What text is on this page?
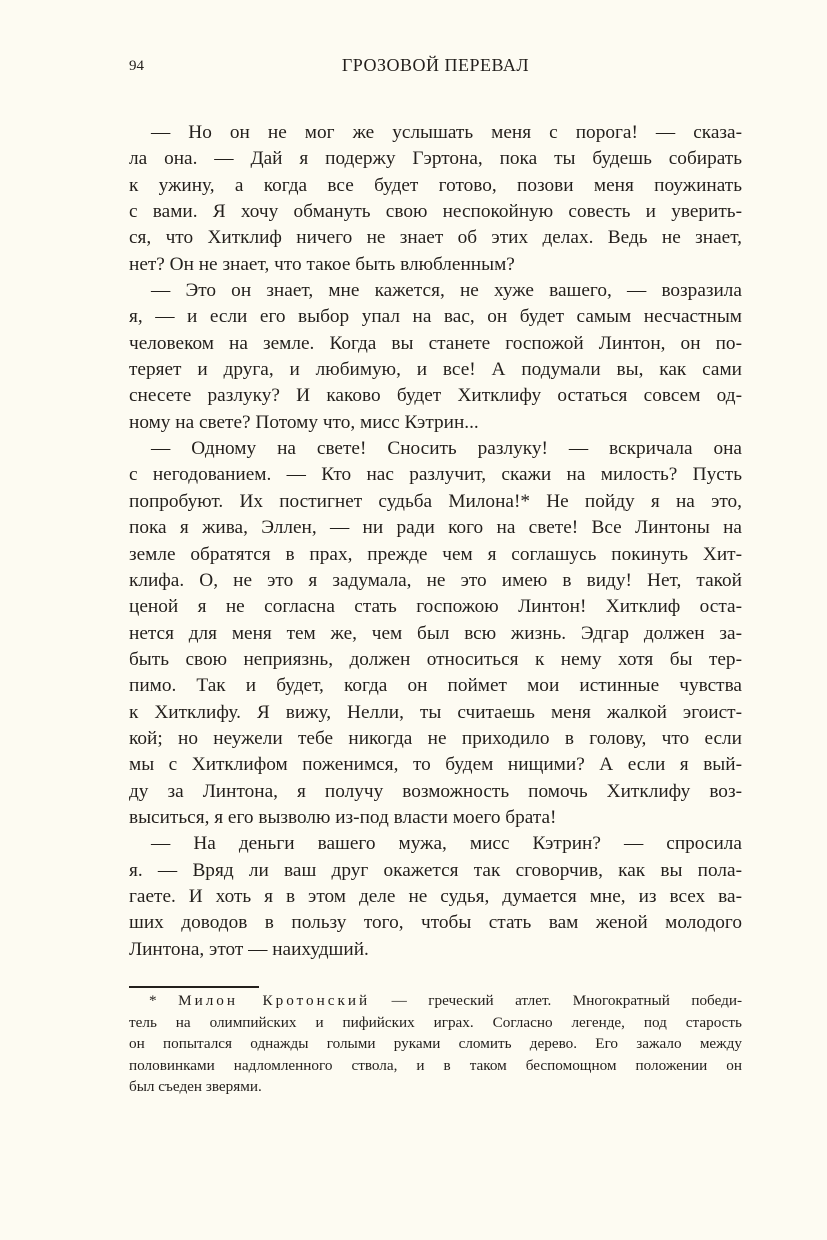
94	ГРОЗОВОЙ ПЕРЕВАЛ
— Но он не мог же услышать меня с порога! — сказа-
ла она. — Дай я подержу Гэртона, пока ты будешь собирать
к ужину, а когда все будет готово, позови меня поужинать
с вами. Я хочу обмануть свою неспокойную совесть и уверить-
ся, что Хитклиф ничего не знает об этих делах. Ведь не знает,
нет? Он не знает, что такое быть влюбленным?
— Это он знает, мне кажется, не хуже вашего, — возразила
я, — и если его выбор упал на вас, он будет самым несчастным
человеком на земле. Когда вы станете госпожой Линтон, он по-
теряет и друга, и любимую, и все! А подумали вы, как сами
снесете разлуку? И каково будет Хитклифу остаться совсем од-
ному на свете? Потому что, мисс Кэтрин...
— Одному на свете! Сносить разлуку! — вскричала она
с негодованием. — Кто нас разлучит, скажи на милость? Пусть
попробуют. Их постигнет судьба Милона!* Не пойду я на это,
пока я жива, Эллен, — ни ради кого на свете! Все Линтоны на
земле обратятся в прах, прежде чем я соглашусь покинуть Хит-
клифа. О, не это я задумала, не это имею в виду! Нет, такой
ценой я не согласна стать госпожою Линтон! Хитклиф оста-
нется для меня тем же, чем был всю жизнь. Эдгар должен за-
быть свою неприязнь, должен относиться к нему хотя бы тер-
пимо. Так и будет, когда он поймет мои истинные чувства
к Хитклифу. Я вижу, Нелли, ты считаешь меня жалкой эгоист-
кой; но неужели тебе никогда не приходило в голову, что если
мы с Хитклифом поженимся, то будем нищими? А если я вый-
ду за Линтона, я получу возможность помочь Хитклифу воз-
выситься, я его вызволю из-под власти моего брата!
— На деньги вашего мужа, мисс Кэтрин? — спросила
я. — Вряд ли ваш друг окажется так сговорчив, как вы пола-
гаете. И хоть я в этом деле не судья, думается мне, из всех ва-
ших доводов в пользу того, чтобы стать вам женой молодого
Линтона, этот — наихудший.
* Милон Кротонский — греческий атлет. Многократный победи-
тель на олимпийских и пифийских играх. Согласно легенде, под старость
он попытался однажды голыми руками сломить дерево. Его зажало между
половинками надломленного ствола, и в таком беспомощном положении он
был съеден зверями.
